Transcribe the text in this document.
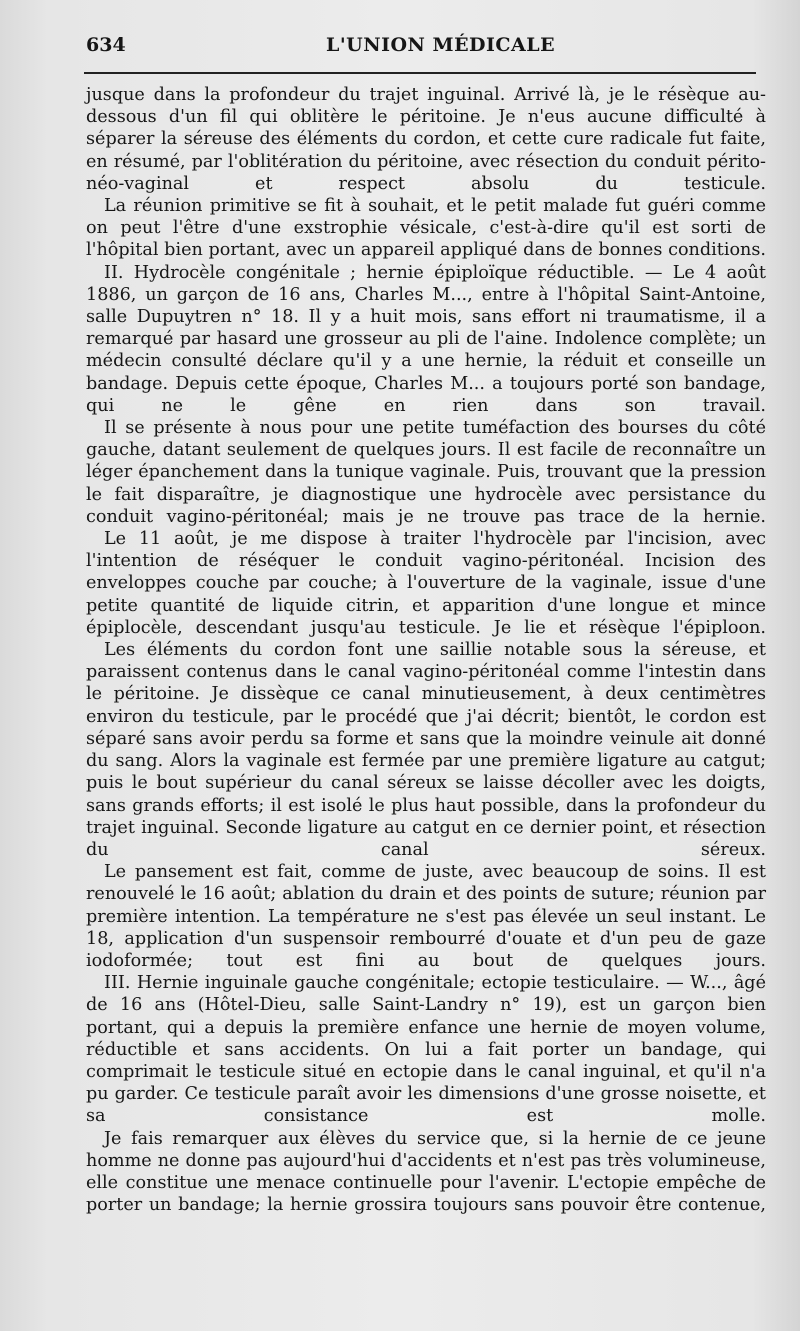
634	L'UNION MÉDICALE

jusque dans la profondeur du trajet inguinal. Arrivé là, je le résèque au-dessous d'un fil qui oblitère le péritoine. Je n'eus aucune difficulté à séparer la séreuse des éléments du cordon, et cette cure radicale fut faite, en résumé, par l'oblitération du péritoine, avec résection du conduit périto-néo-vaginal et respect absolu du testicule.

La réunion primitive se fit à souhait, et le petit malade fut guéri comme on peut l'être d'une exstrophie vésicale, c'est-à-dire qu'il est sorti de l'hôpital bien portant, avec un appareil appliqué dans de bonnes conditions.

II. Hydrocèle congénitale ; hernie épiploïque réductible. — Le 4 août 1886, un garçon de 16 ans, Charles M..., entre à l'hôpital Saint-Antoine, salle Dupuytren n° 18. Il y a huit mois, sans effort ni traumatisme, il a remarqué par hasard une grosseur au pli de l'aine. Indolence complète; un médecin consulté déclare qu'il y a une hernie, la réduit et conseille un bandage. Depuis cette époque, Charles M... a toujours porté son bandage, qui ne le gêne en rien dans son travail.

Il se présente à nous pour une petite tuméfaction des bourses du côté gauche, datant seulement de quelques jours. Il est facile de reconnaître un léger épanchement dans la tunique vaginale. Puis, trouvant que la pression le fait disparaître, je diagnostique une hydrocèle avec persistance du conduit vagino-péritonéal; mais je ne trouve pas trace de la hernie.

Le 11 août, je me dispose à traiter l'hydrocèle par l'incision, avec l'intention de réséquer le conduit vagino-péritonéal. Incision des enveloppes couche par couche; à l'ouverture de la vaginale, issue d'une petite quantité de liquide citrin, et apparition d'une longue et mince épiplocèle, descendant jusqu'au testicule. Je lie et résèque l'épiploon.

Les éléments du cordon font une saillie notable sous la séreuse, et paraissent contenus dans le canal vagino-péritonéal comme l'intestin dans le péritoine. Je dissèque ce canal minutieusement, à deux centimètres environ du testicule, par le procédé que j'ai décrit; bientôt, le cordon est séparé sans avoir perdu sa forme et sans que la moindre veinule ait donné du sang. Alors la vaginale est fermée par une première ligature au catgut; puis le bout supérieur du canal séreux se laisse décoller avec les doigts, sans grands efforts; il est isolé le plus haut possible, dans la profondeur du trajet inguinal. Seconde ligature au catgut en ce dernier point, et résection du canal séreux.

Le pansement est fait, comme de juste, avec beaucoup de soins. Il est renouvelé le 16 août; ablation du drain et des points de suture; réunion par première intention. La température ne s'est pas élevée un seul instant. Le 18, application d'un suspensoir rembourré d'ouate et d'un peu de gaze iodoformée; tout est fini au bout de quelques jours.

III. Hernie inguinale gauche congénitale; ectopie testiculaire. — W..., âgé de 16 ans (Hôtel-Dieu, salle Saint-Landry n° 19), est un garçon bien portant, qui a depuis la première enfance une hernie de moyen volume, réductible et sans accidents. On lui a fait porter un bandage, qui comprimait le testicule situé en ectopie dans le canal inguinal, et qu'il n'a pu garder. Ce testicule paraît avoir les dimensions d'une grosse noisette, et sa consistance est molle.

Je fais remarquer aux élèves du service que, si la hernie de ce jeune homme ne donne pas aujourd'hui d'accidents et n'est pas très volumineuse, elle constitue une menace continuelle pour l'avenir. L'ectopie empêche de porter un bandage; la hernie grossira toujours sans pouvoir être contenue,
